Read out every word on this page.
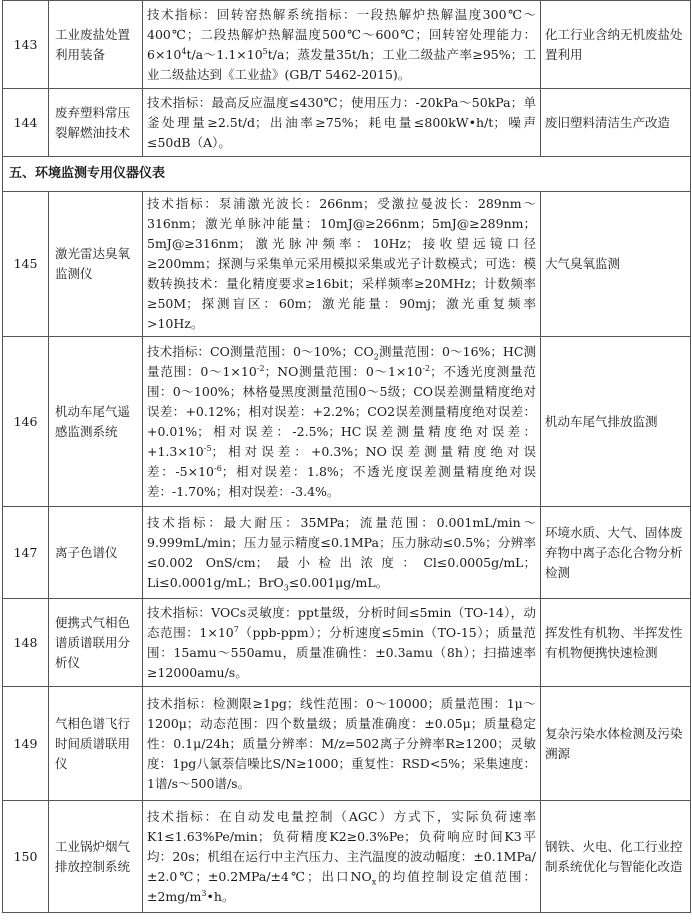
143	工业废盐处置利用装备	技术指标：回转窑热解系统指标：一段热解炉热解温度300℃～400℃；二段热解炉热解温度500℃～600℃；回转窑处理能力：$6\times 10^4t/a\sim 1.1\times 10^5t/a$；蒸发量35t/h；工业二级盐产率≥95%；工业二级盐达到《工业盐》(GB/T 5462-2015)。	化工行业含纳无机废盐处置利用
144	废弃塑料常压裂解燃油技术	技术指标：最高反应温度≤430℃；使用压力：-20kPa～50kPa；单釜处理量≥2.5t/d；出油率≥75%；耗电量≤800kW•h/t；噪声≤50dB（A）。	废旧塑料清洁生产改造
五、环境监测专用仪器仪表			
145	激光雷达臭氧监测仪	技术指标：泵浦激光波长：266nm；受激拉曼波长：289nm～316nm；激光单脉冲能量：10mJ@≥266nm；5mJ@≥289nm；5mJ@≥316nm；激光脉冲频率：10Hz；接收望远镜口径≥200mm；探测与采集单元采用模拟采集或光子计数模式；可选：模数转换技术：量化精度要求≥16bit；采样频率≥20MHz；计数频率≥50M；探测盲区：60m；激光能量：90mj；激光重复频率>10Hz。	大气臭氧监测
146	机动车尾气遥感监测系统	技术指标：CO测量范围：0～10%；$CO_2$测量范围：0～16%；HC测量范围：$0\sim 1\times 10^{-2}$；NO测量范围：$0\sim 1\times 10^{-2}$；不透光度测量范围：0～100%；林格曼黑度测量范围0～5级；CO误差测量精度绝对误差：+0.12%；相对误差：+2.2%；CO2误差测量精度绝对误差：+0.01%；相对误差：-2.5%；HC误差测量精度绝对误差：$+1.3\times 10^{-5}$；相对误差：+0.3%；NO误差测量精度绝对误差：$-5\times 10^{-6}$；相对误差：1.8%；不透光度误差测量精度绝对误差：-1.70%；相对误差：-3.4%。	机动车尾气排放监测
147	离子色谱仪	技术指标：最大耐压：35MPa；流量范围：0.001mL/min～9.999mL/min；压力显示精度≤0.1MPa；压力脉动≤0.5%；分辨率≤0.002 OnS/cm；最小检出浓度：Cl≤0.0005g/mL；Li≤0.0001g/mL；BrO$_3$≤0.001μg/mL。	环境水质、大气、固体废弃物中离子态化合物分析检测
148	便携式气相色谱质谱联用分析仪	技术指标：VOCs灵敏度：ppt量级，分析时间≤5min（TO-14），动态范围：$1\times 10^7(ppb-ppm)$；分析速度≤5min（TO-15）；质量范围：15amu～550amu，质量准确性：±0.3amu（8h）；扫描速率≥12000amu/s。	挥发性有机物、半挥发性有机物便携快速检测
149	气相色谱飞行时间质谱联用仪	技术指标：检测限≥1pg；线性范围：0～10000；质量范围：1μ～1200μ；动态范围：四个数量级；质量准确度：±0.05μ；质量稳定性：0.1μ/24h；质量分辨率：M/z=502离子分辨率R≥1200；灵敏度：1pg八氯萘信噪比S/N≥1000；重复性：RSD<5%；采集速度：1谱/s～500谱/s。	复杂污染水体检测及污染溯源
150	工业锅炉烟气排放控制系统	技术指标：在自动发电量控制（AGC）方式下，实际负荷速率K1≤1.63%Pe/min；负荷精度K2≥0.3%Pe；负荷响应时间K3平均：20s；机组在运行中主汽压力、主汽温度的波动幅度：±0.1MPa/±2.0℃；±0.2MPa/±4℃；出口$NO_x$的均值控制设定值范围：$\pm 2mg/m^3•h$。	钢铁、火电、化工行业控制系统优化与智能化改造
